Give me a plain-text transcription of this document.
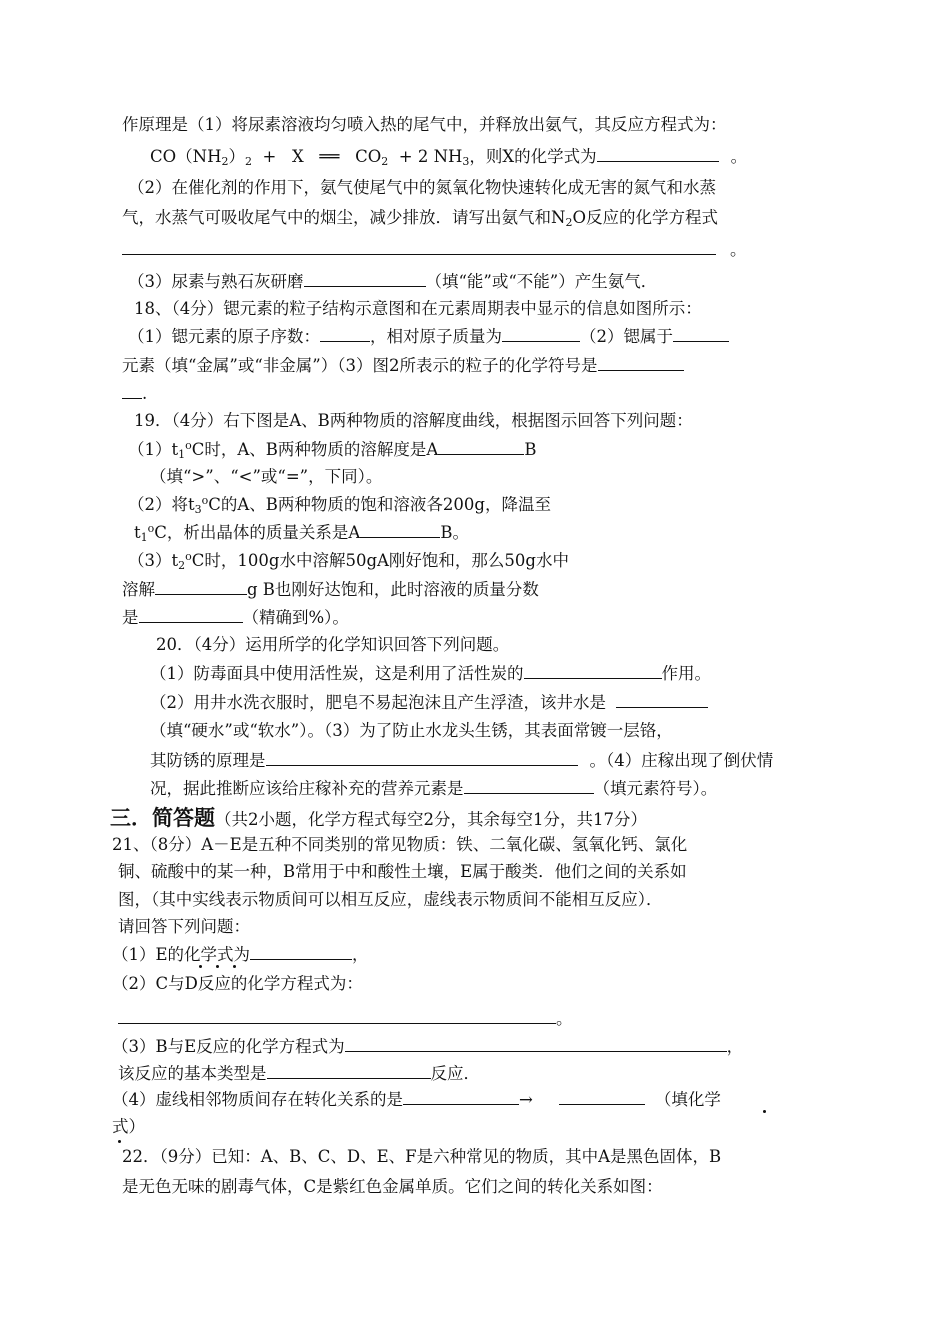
作原理是（1）将尿素溶液均匀喷入热的尾气中，并释放出氨气，其反应方程式为：
$CO(NH_2)_2 + X$   ══   $CO_2 + 2$ $NH_3$，则X的化学式为	。
（2）在催化剂的作用下，氨气使尾气中的氮氧化物快速转化成无害的氮气和水蒸
气，水蒸气可吸收尾气中的烟尘，减少排放．请写出氨气和$N_2O$反应的化学方程式
。
（3）尿素与熟石灰研磨	（填“能”或“不能”）产生氨气．
18、（4分）锶元素的粒子结构示意图和在元素周期表中显示的信息如图所示：
（1）锶元素的原子序数：	，相对原子质量为	（2）锶属于
元素（填“金属”或“非金属”）（3）图2所表示的粒子的化学符号是
.
19．（4分）右下图是A、B两种物质的溶解度曲线，根据图示回答下列问题：
$(1)t_1^oC$时，A、B两种物质的溶解度是A	B
（填“>”、“<”或“=”，下同）。
（2）将$t_3^oC$的A、B两种物质的饱和溶液各200g，降温至
$t_1^oC$，析出晶体的质量关系是A	B。
$(3)t_2^oC$时，100g水中溶解50gA刚好饱和，那么50g水中
溶解	g B也刚好达饱和，此时溶液的质量分数
是	（精确到%）。
20．（4分）运用所学的化学知识回答下列问题。
（1）防毒面具中使用活性炭，这是利用了活性炭的	作用。
（2）用井水洗衣服时，肥皂不易起泡沫且产生浮渣，该井水是
（填“硬水”或“软水”）。（3）为了防止水龙头生锈，其表面常镀一层铬，
其防锈的原理是	。（4）庄稼出现了倒伏情
况，据此推断应该给庄稼补充的营养元素是	（填元素符号）。
三．简答题（共2小题，化学方程式每空2分，其余每空1分，共17分）
21、（8分）A－E是五种不同类别的常见物质：铁、二氧化碳、氢氧化钙、氯化
铜、硫酸中的某一种，B常用于中和酸性土壤，E属于酸类．他们之间的关系如
图，（其中实线表示物质间可以相互反应，虚线表示物质间不能相互反应）．
请回答下列问题：
（1）E的化学式为	，
（2）C与D反应的化学方程式为：
。
（3）B与E反应的化学方程式为	，
该反应的基本类型是	反应．
（4）虚线相邻物质间存在转化关系的是	→	（填化学
式）
22．（9分）已知：A、B、C、D、E、F是六种常见的物质，其中A是黑色固体，B
是无色无味的剧毒气体，C是紫红色金属单质。它们之间的转化关系如图：
